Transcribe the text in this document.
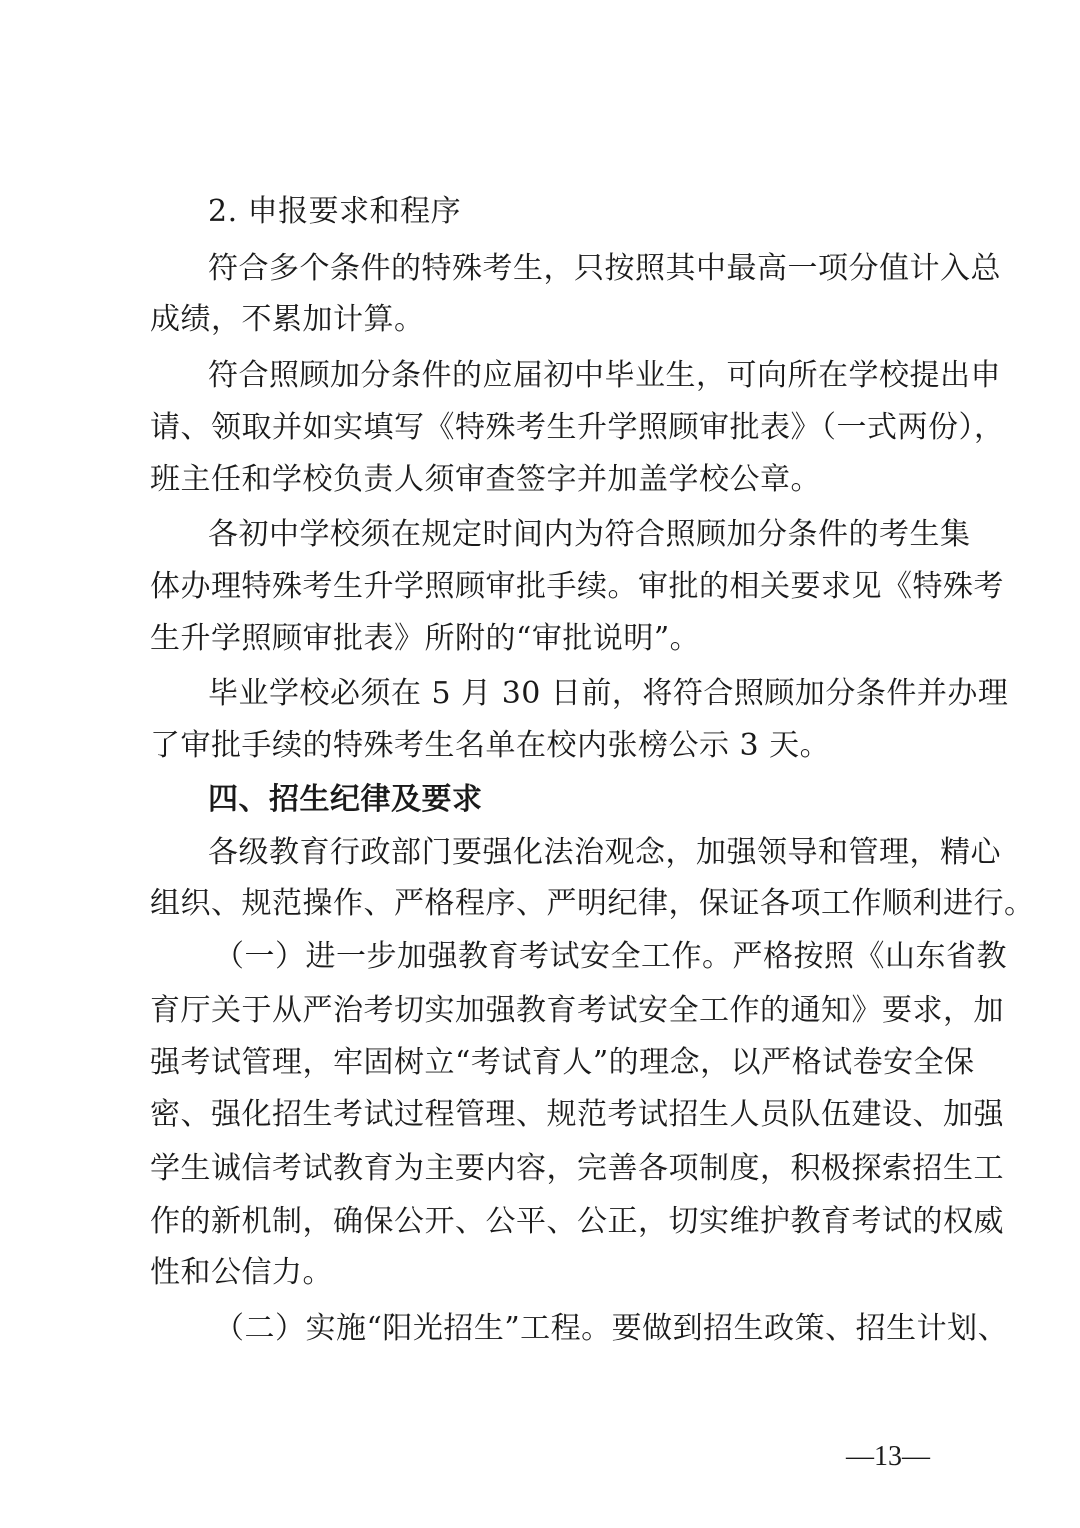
2. 申报要求和程序
符合多个条件的特殊考生，只按照其中最高一项分值计入总
成绩，不累加计算。
符合照顾加分条件的应届初中毕业生，可向所在学校提出申
请、领取并如实填写《特殊考生升学照顾审批表》（一式两份），
班主任和学校负责人须审查签字并加盖学校公章。
各初中学校须在规定时间内为符合照顾加分条件的考生集
体办理特殊考生升学照顾审批手续。审批的相关要求见《特殊考
生升学照顾审批表》所附的“审批说明”。
毕业学校必须在 5 月 30 日前，将符合照顾加分条件并办理
了审批手续的特殊考生名单在校内张榜公示 3 天。
四、招生纪律及要求
各级教育行政部门要强化法治观念，加强领导和管理，精心
组织、规范操作、严格程序、严明纪律，保证各项工作顺利进行。
（一）进一步加强教育考试安全工作。严格按照《山东省教
育厅关于从严治考切实加强教育考试安全工作的通知》要求，加
强考试管理，牢固树立“考试育人”的理念，以严格试卷安全保
密、强化招生考试过程管理、规范考试招生人员队伍建设、加强
学生诚信考试教育为主要内容，完善各项制度，积极探索招生工
作的新机制，确保公开、公平、公正，切实维护教育考试的权威
性和公信力。
（二）实施“阳光招生”工程。要做到招生政策、招生计划、
—13—
